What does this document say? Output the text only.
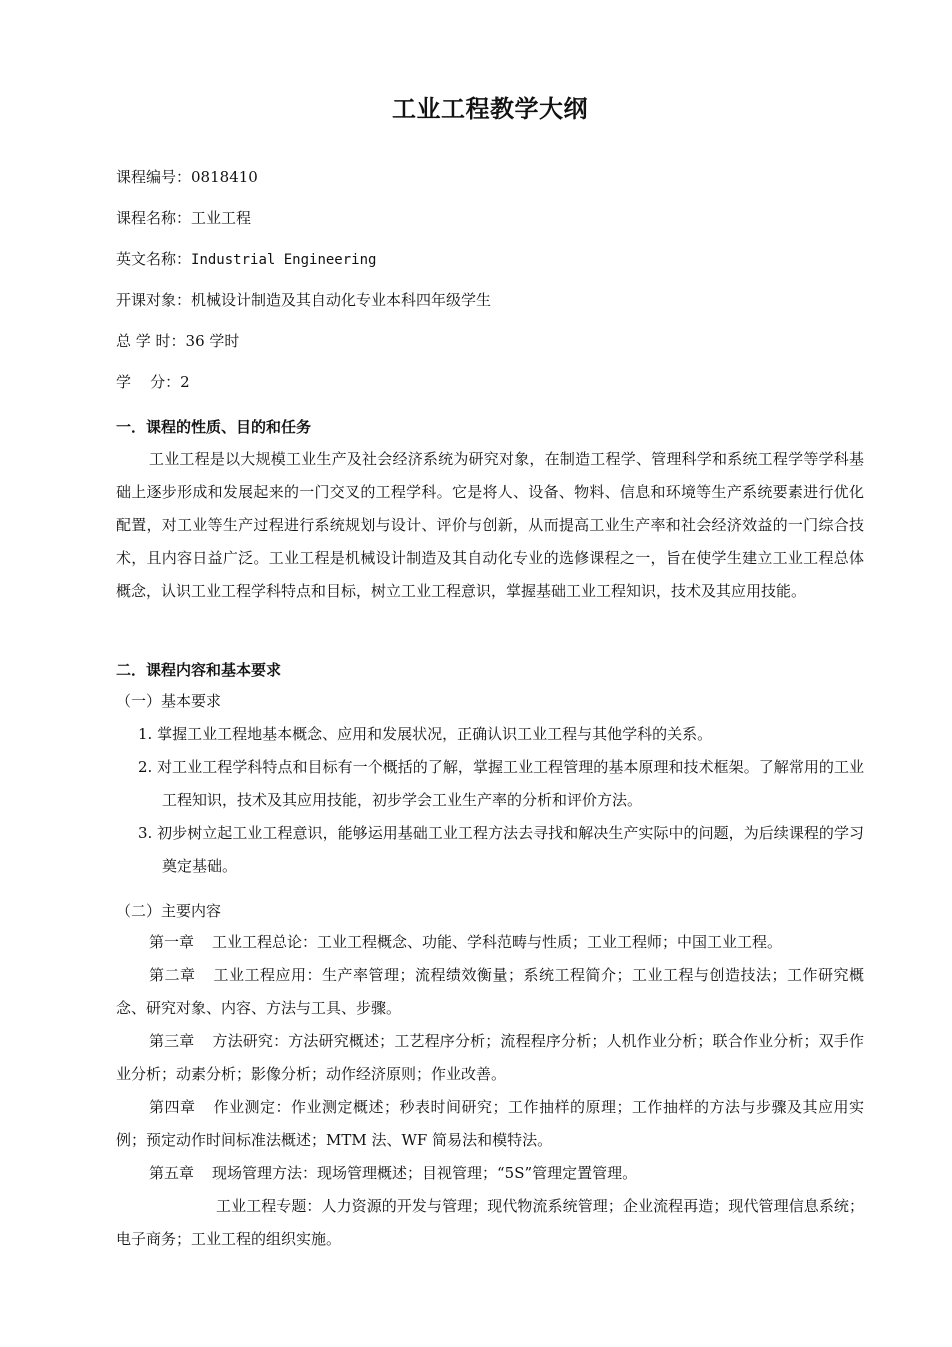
工业工程教学大纲
课程编号：0818410
课程名称：工业工程
英文名称：Industrial Engineering
开课对象：机械设计制造及其自动化专业本科四年级学生
总 学 时：36 学时
学    分：2
一．课程的性质、目的和任务

工业工程是以大规模工业生产及社会经济系统为研究对象，在制造工程学、管理科学和系统工程学等学科基础上逐步形成和发展起来的一门交叉的工程学科。它是将人、设备、物料、信息和环境等生产系统要素进行优化配置，对工业等生产过程进行系统规划与设计、评价与创新，从而提高工业生产率和社会经济效益的一门综合技术，且内容日益广泛。工业工程是机械设计制造及其自动化专业的选修课程之一，旨在使学生建立工业工程总体概念，认识工业工程学科特点和目标，树立工业工程意识，掌握基础工业工程知识，技术及其应用技能。

二．课程内容和基本要求
（一）基本要求

1. 掌握工业工程地基本概念、应用和发展状况，正确认识工业工程与其他学科的关系。

2. 对工业工程学科特点和目标有一个概括的了解，掌握工业工程管理的基本原理和技术框架。了解常用的工业工程知识，技术及其应用技能，初步学会工业生产率的分析和评价方法。

3. 初步树立起工业工程意识，能够运用基础工业工程方法去寻找和解决生产实际中的问题，为后续课程的学习奠定基础。

（二）主要内容

第一章 工业工程总论：工业工程概念、功能、学科范畴与性质；工业工程师；中国工业工程。

第二章 工业工程应用：生产率管理；流程绩效衡量；系统工程简介；工业工程与创造技法；工作研究概念、研究对象、内容、方法与工具、步骤。

第三章 方法研究：方法研究概述；工艺程序分析；流程程序分析；人机作业分析；联合作业分析；双手作业分析；动素分析；影像分析；动作经济原则；作业改善。

第四章 作业测定：作业测定概述；秒表时间研究；工作抽样的原理；工作抽样的方法与步骤及其应用实例；预定动作时间标准法概述；MTM 法、WF 简易法和模特法。

第五章 现场管理方法：现场管理概述；目视管理；“5S”管理定置管理。

工业工程专题：人力资源的开发与管理；现代物流系统管理；企业流程再造；现代管理信息系统；电子商务；工业工程的组织实施。
